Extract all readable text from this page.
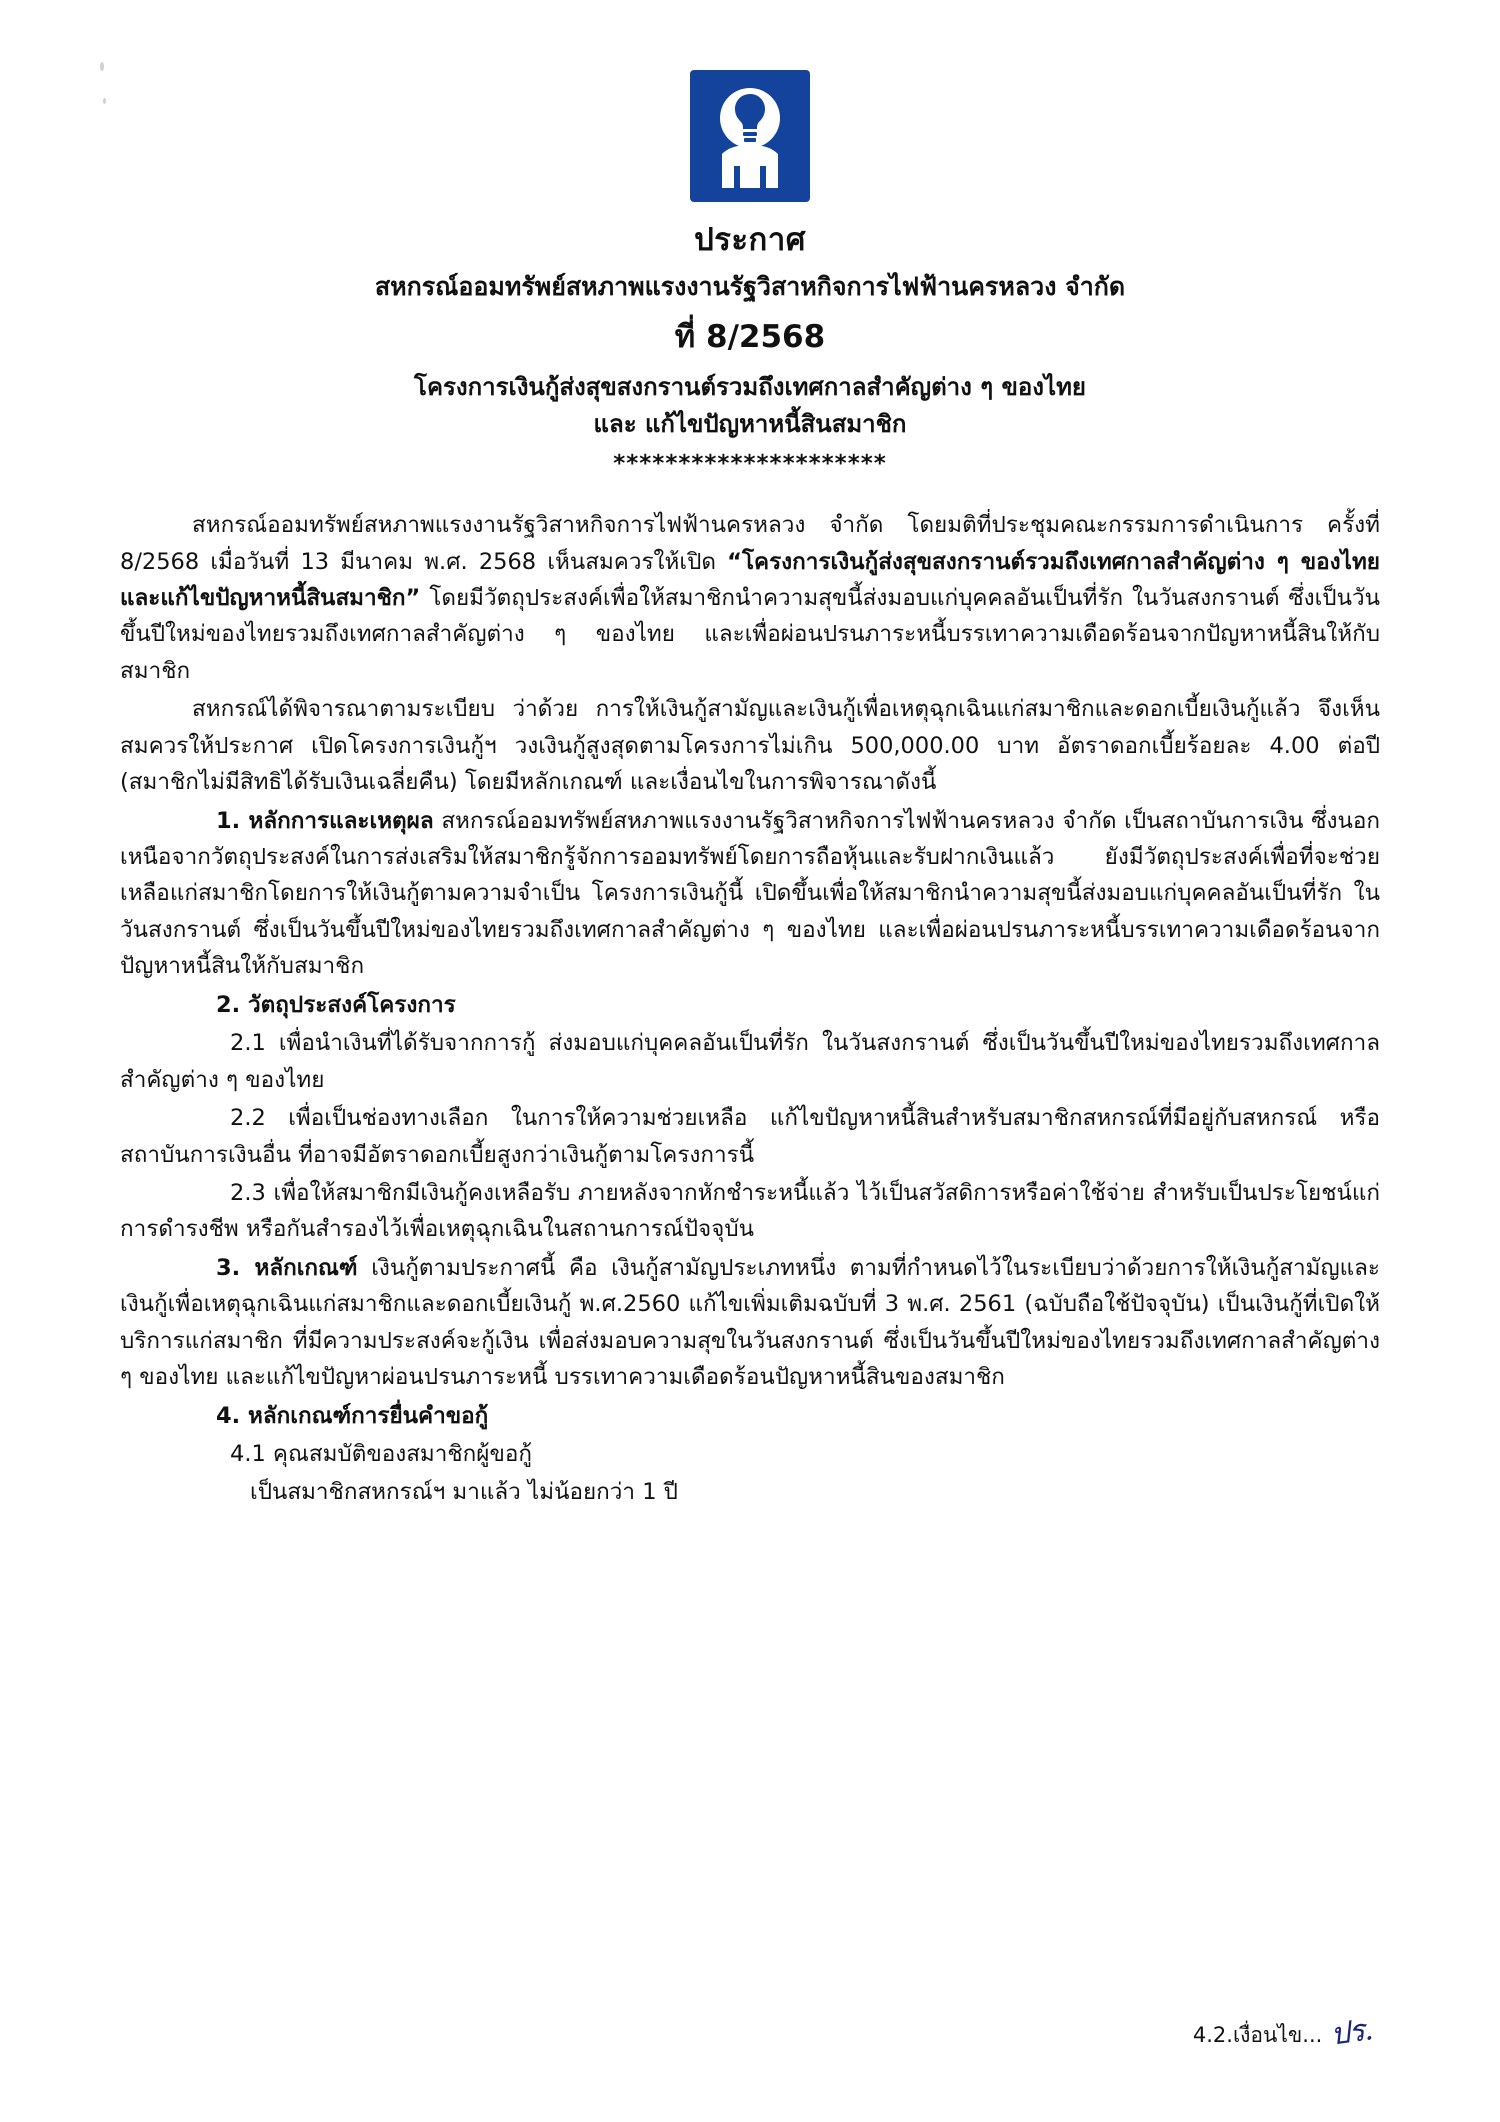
ประกาศ
สหกรณ์ออมทรัพย์สหภาพแรงงานรัฐวิสาหกิจการไฟฟ้านครหลวง จำกัด
ที่ 8/2568
โครงการเงินกู้ส่งสุขสงกรานต์รวมถึงเทศกาลสำคัญต่าง ๆ ของไทย
และ แก้ไขปัญหาหนี้สินสมาชิก
*********************

สหกรณ์ออมทรัพย์สหภาพแรงงานรัฐวิสาหกิจการไฟฟ้านครหลวง จำกัด โดยมติที่ประชุมคณะกรรมการดำเนินการ ครั้งที่ 8/2568 เมื่อวันที่ 13 มีนาคม พ.ศ. 2568 เห็นสมควรให้เปิด “โครงการเงินกู้ส่งสุขสงกรานต์รวมถึงเทศกาลสำคัญต่าง ๆ ของไทย และแก้ไขปัญหาหนี้สินสมาชิก” โดยมีวัตถุประสงค์เพื่อให้สมาชิกนำความสุขนี้ส่งมอบแก่บุคคลอันเป็นที่รัก ในวันสงกรานต์ ซึ่งเป็นวันขึ้นปีใหม่ของไทยรวมถึงเทศกาลสำคัญต่าง ๆ ของไทย และเพื่อผ่อนปรนภาระหนี้บรรเทาความเดือดร้อนจากปัญหาหนี้สินให้กับสมาชิก

สหกรณ์ได้พิจารณาตามระเบียบ ว่าด้วย การให้เงินกู้สามัญและเงินกู้เพื่อเหตุฉุกเฉินแก่สมาชิกและดอกเบี้ยเงินกู้แล้ว จึงเห็นสมควรให้ประกาศ เปิดโครงการเงินกู้ฯ วงเงินกู้สูงสุดตามโครงการไม่เกิน 500,000.00 บาท อัตราดอกเบี้ยร้อยละ 4.00 ต่อปี (สมาชิกไม่มีสิทธิได้รับเงินเฉลี่ยคืน) โดยมีหลักเกณฑ์ และเงื่อนไขในการพิจารณาดังนี้

1. หลักการและเหตุผล สหกรณ์ออมทรัพย์สหภาพแรงงานรัฐวิสาหกิจการไฟฟ้านครหลวง จำกัด เป็นสถาบันการเงิน ซึ่งนอกเหนือจากวัตถุประสงค์ในการส่งเสริมให้สมาชิกรู้จักการออมทรัพย์โดยการถือหุ้นและรับฝากเงินแล้ว ยังมีวัตถุประสงค์เพื่อที่จะช่วยเหลือแก่สมาชิกโดยการให้เงินกู้ตามความจำเป็น โครงการเงินกู้นี้ เปิดขึ้นเพื่อให้สมาชิกนำความสุขนี้ส่งมอบแก่บุคคลอันเป็นที่รัก ในวันสงกรานต์ ซึ่งเป็นวันขึ้นปีใหม่ของไทยรวมถึงเทศกาลสำคัญต่าง ๆ ของไทย และเพื่อผ่อนปรนภาระหนี้บรรเทาความเดือดร้อนจากปัญหาหนี้สินให้กับสมาชิก

2. วัตถุประสงค์โครงการ

2.1 เพื่อนำเงินที่ได้รับจากการกู้ ส่งมอบแก่บุคคลอันเป็นที่รัก ในวันสงกรานต์ ซึ่งเป็นวันขึ้นปีใหม่ของไทยรวมถึงเทศกาลสำคัญต่าง ๆ ของไทย

2.2 เพื่อเป็นช่องทางเลือก ในการให้ความช่วยเหลือ แก้ไขปัญหาหนี้สินสำหรับสมาชิกสหกรณ์ที่มีอยู่กับสหกรณ์ หรือสถาบันการเงินอื่น ที่อาจมีอัตราดอกเบี้ยสูงกว่าเงินกู้ตามโครงการนี้

2.3 เพื่อให้สมาชิกมีเงินกู้คงเหลือรับ ภายหลังจากหักชำระหนี้แล้ว ไว้เป็นสวัสดิการหรือค่าใช้จ่าย สำหรับเป็นประโยชน์แก่การดำรงชีพ หรือกันสำรองไว้เพื่อเหตุฉุกเฉินในสถานการณ์ปัจจุบัน

3. หลักเกณฑ์ เงินกู้ตามประกาศนี้ คือ เงินกู้สามัญประเภทหนึ่ง ตามที่กำหนดไว้ในระเบียบว่าด้วยการให้เงินกู้สามัญและเงินกู้เพื่อเหตุฉุกเฉินแก่สมาชิกและดอกเบี้ยเงินกู้ พ.ศ.2560 แก้ไขเพิ่มเติมฉบับที่ 3 พ.ศ. 2561 (ฉบับถือใช้ปัจจุบัน) เป็นเงินกู้ที่เปิดให้บริการแก่สมาชิก ที่มีความประสงค์จะกู้เงิน เพื่อส่งมอบความสุขในวันสงกรานต์ ซึ่งเป็นวันขึ้นปีใหม่ของไทยรวมถึงเทศกาลสำคัญต่าง ๆ ของไทย และแก้ไขปัญหาผ่อนปรนภาระหนี้ บรรเทาความเดือดร้อนปัญหาหนี้สินของสมาชิก

4. หลักเกณฑ์การยื่นคำขอกู้

4.1 คุณสมบัติของสมาชิกผู้ขอกู้

เป็นสมาชิกสหกรณ์ฯ มาแล้ว ไม่น้อยกว่า 1 ปี

4.2.เงื่อนไข... ปร.
